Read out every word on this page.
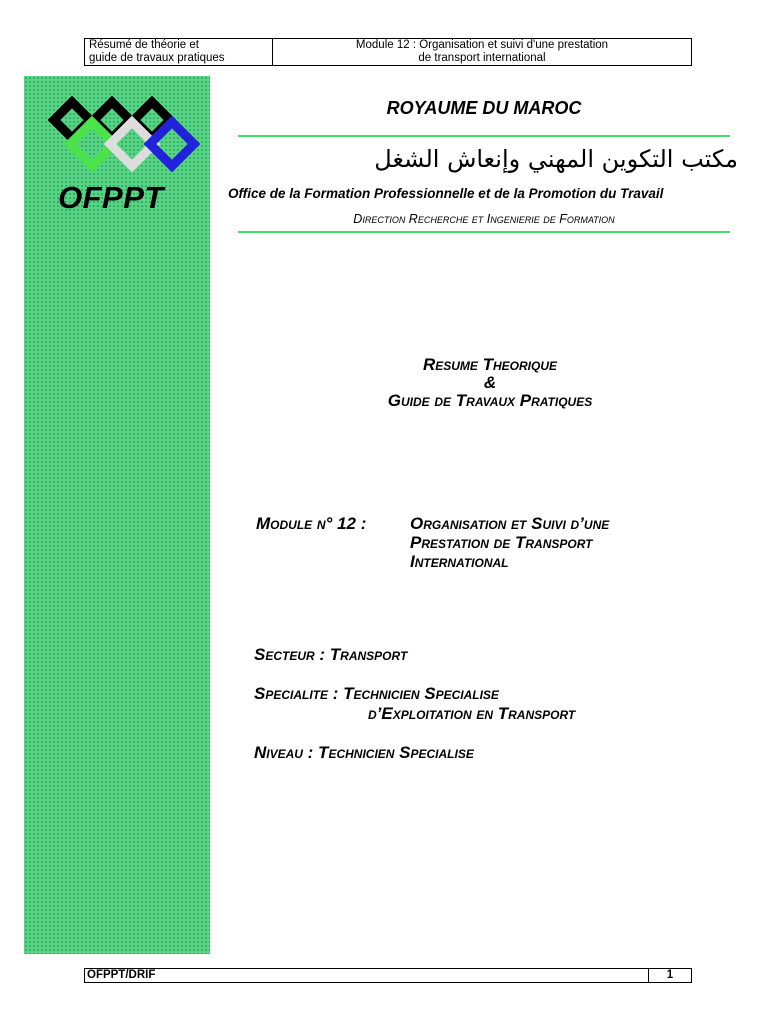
Résumé de théorie et
guide de travaux pratiques
Module 12 : Organisation et suivi d'une prestation
de transport international
OFPPT
ROYAUME DU MAROC
مكتب التكوين المهني وإنعاش الشغل
Office de la Formation Professionnelle et de la Promotion du Travail
Direction Recherche et Ingenierie de Formation
Resume Theorique
&
Guide de Travaux Pratiques
Module n° 12 :	Organisation et Suivi d’une
Prestation de Transport
International
Secteur : Transport
Specialite : Technicien Specialise
d’Exploitation en Transport
Niveau : Technicien Specialise
OFPPT/DRIF	1
